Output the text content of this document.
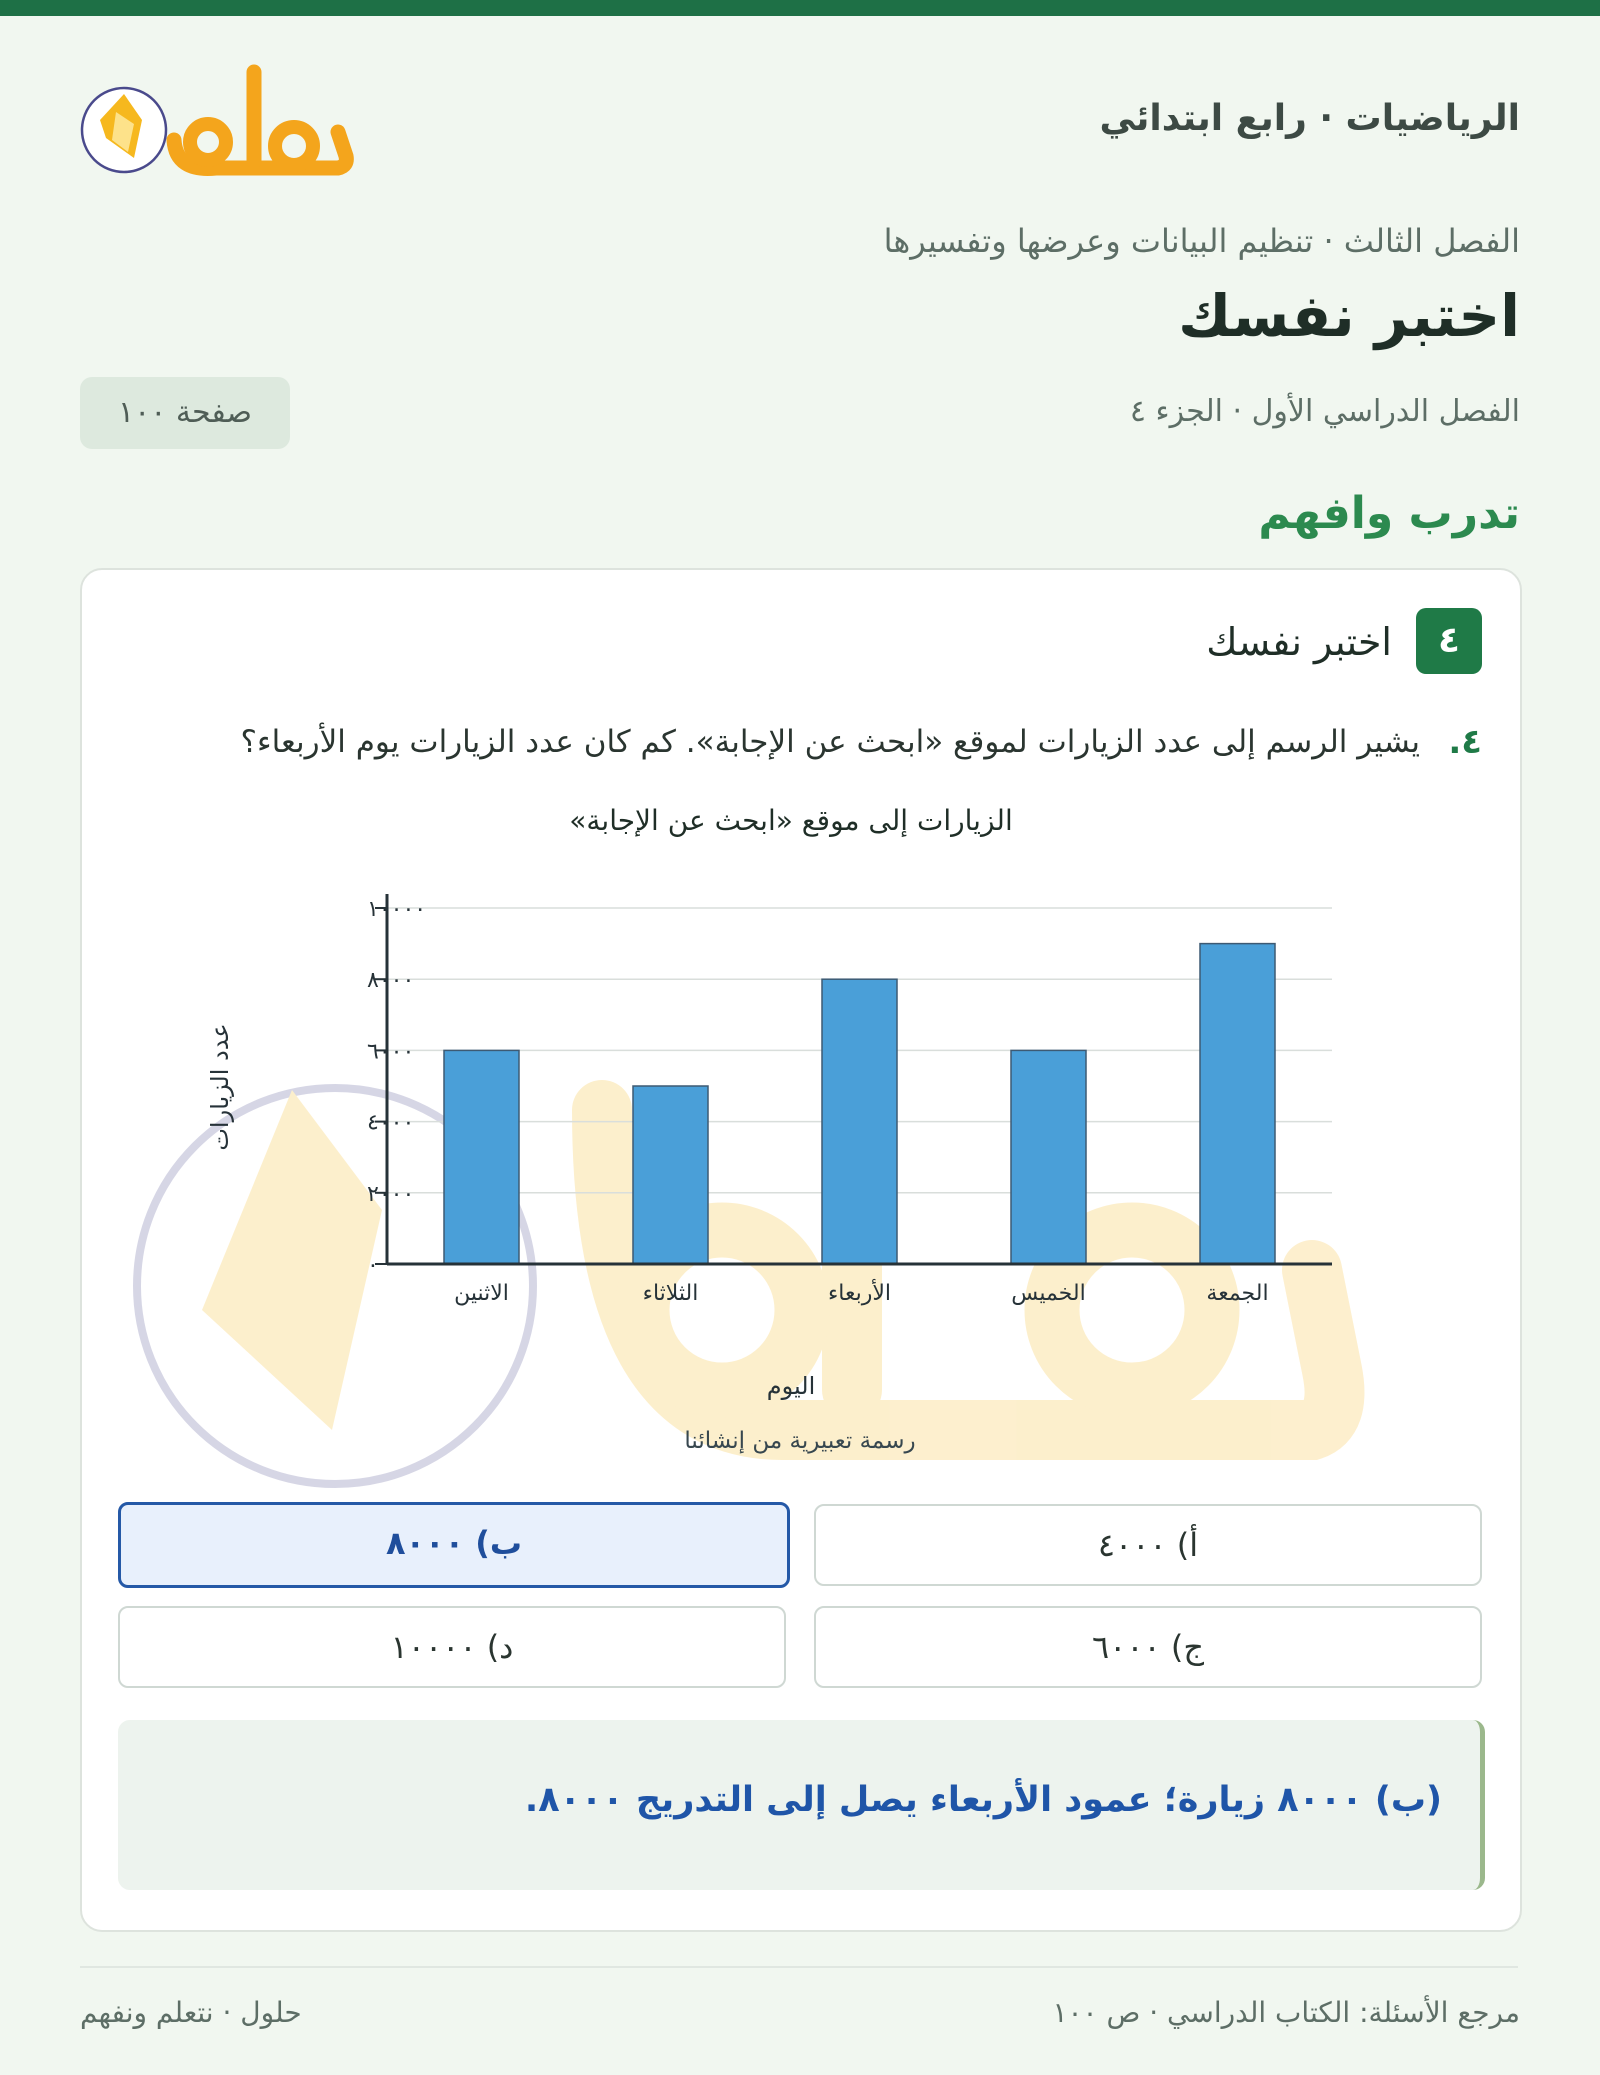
الرياضيات · رابع ابتدائي
الفصل الثالث · تنظيم البيانات وعرضها وتفسيرها
اختبر نفسك
الفصل الدراسي الأول · الجزء ٤
صفحة ١٠٠
تدرب وافهم
٤
اختبر نفسك
٤.
يشير الرسم إلى عدد الزيارات لموقع «ابحث عن الإجابة». كم كان عدد الزيارات يوم الأربعاء؟
الزيارات إلى موقع «ابحث عن الإجابة»
٠
٢٠٠٠
٤٠٠٠
٦٠٠٠
٨٠٠٠
١٠٠٠٠
الاثنين	الثلاثاء	الأربعاء	الخميس	الجمعة
عدد الزيارات
اليوم
رسمة تعبيرية من إنشائنا
أ) ٤٠٠٠
ب) ٨٠٠٠
ج) ٦٠٠٠
د) ١٠٠٠٠
(ب) ٨٠٠٠ زيارة؛ عمود الأربعاء يصل إلى التدريج ٨٠٠٠.
مرجع الأسئلة: الكتاب الدراسي · ص ١٠٠
حلول · نتعلم ونفهم
